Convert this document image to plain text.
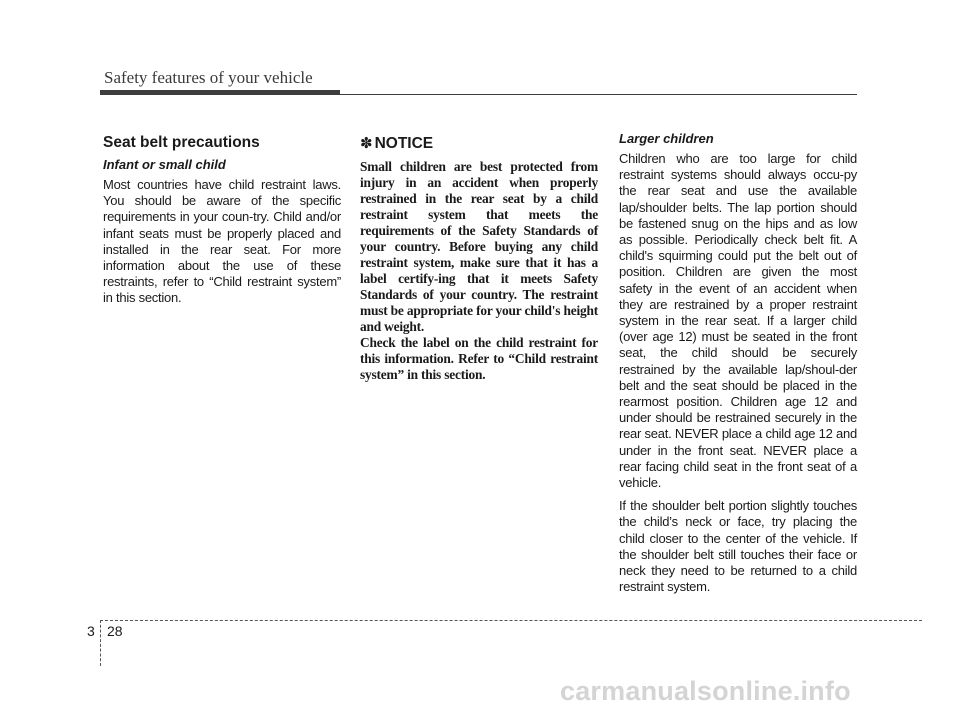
Safety features of your vehicle
Seat belt precautions
Infant or small child

Most countries have child restraint laws. You should be aware of the specific requirements in your coun-try. Child and/or infant seats must be properly placed and installed in the rear seat. For more information about the use of these restraints, refer to “Child restraint system” in this section.

✽ NOTICE

Small children are best protected from injury in an accident when properly restrained in the rear seat by a child restraint system that meets the requirements of the Safety Standards of your country. Before buying any child restraint system, make sure that it has a label certify-ing that it meets Safety Standards of your country. The restraint must be appropriate for your child's height and weight.

Check the label on the child restraint for this information. Refer to “Child restraint system” in this section.

Larger children

Children who are too large for child restraint systems should always occu-py the rear seat and use the available lap/shoulder belts. The lap portion should be fastened snug on the hips and as low as possible. Periodically check belt fit. A child's squirming could put the belt out of position. Children are given the most safety in the event of an accident when they are restrained by a proper restraint system in the rear seat. If a larger child (over age 12) must be seated in the front seat, the child should be securely restrained by the available lap/shoul-der belt and the seat should be placed in the rearmost position. Children age 12 and under should be restrained securely in the rear seat. NEVER place a child age 12 and under in the front seat. NEVER place a rear facing child seat in the front seat of a vehicle.

If the shoulder belt portion slightly touches the child’s neck or face, try placing the child closer to the center of the vehicle. If the shoulder belt still touches their face or neck they need to be returned to a child restraint system.

3 28
carmanualsonline.info
